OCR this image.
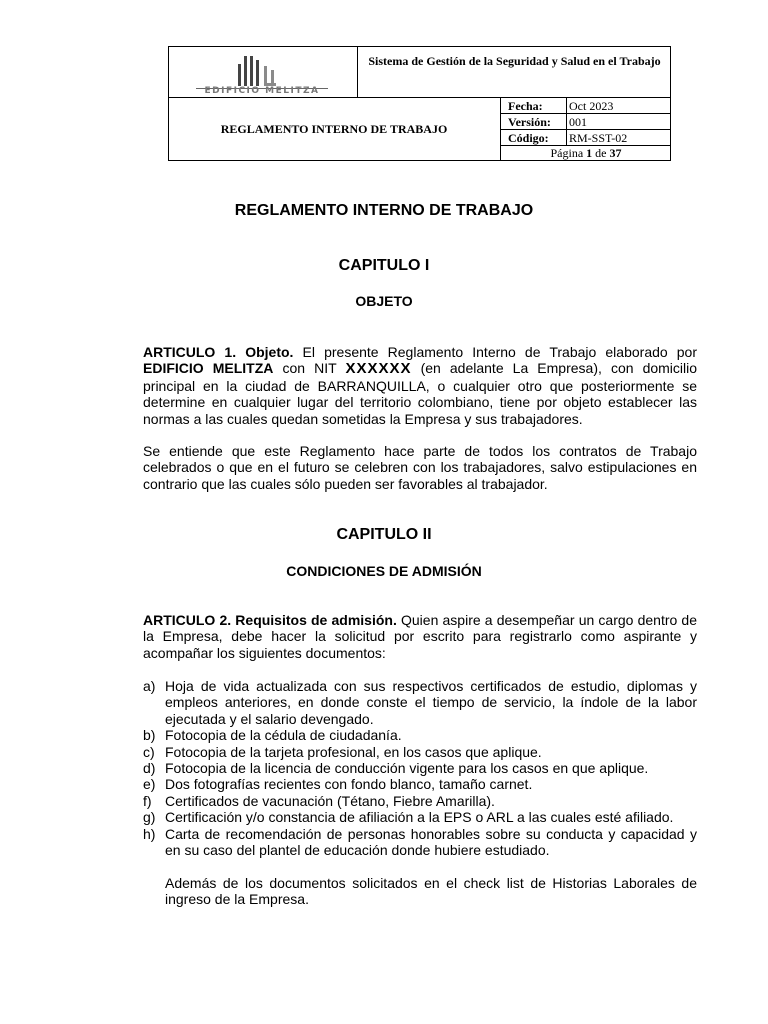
EDIFICIO MELITZA
Sistema de Gestión de la Seguridad y Salud en el Trabajo
REGLAMENTO INTERNO DE TRABAJO
Fecha: Oct 2023
Versión: 001
Código: RM-SST-02
Página 1 de 37
REGLAMENTO INTERNO DE TRABAJO
CAPITULO I
OBJETO
ARTICULO 1. Objeto. El presente Reglamento Interno de Trabajo elaborado por EDIFICIO MELITZA con NIT XXXXXX (en adelante La Empresa), con domicilio principal en la ciudad de BARRANQUILLA, o cualquier otro que posteriormente se determine en cualquier lugar del territorio colombiano, tiene por objeto establecer las normas a las cuales quedan sometidas la Empresa y sus trabajadores.
Se entiende que este Reglamento hace parte de todos los contratos de Trabajo celebrados o que en el futuro se celebren con los trabajadores, salvo estipulaciones en contrario que las cuales sólo pueden ser favorables al trabajador.
CAPITULO II
CONDICIONES DE ADMISIÓN
ARTICULO 2. Requisitos de admisión. Quien aspire a desempeñar un cargo dentro de la Empresa, debe hacer la solicitud por escrito para registrarlo como aspirante y acompañar los siguientes documentos:
a) Hoja de vida actualizada con sus respectivos certificados de estudio, diplomas y empleos anteriores, en donde conste el tiempo de servicio, la índole de la labor ejecutada y el salario devengado.
b) Fotocopia de la cédula de ciudadanía.
c) Fotocopia de la tarjeta profesional, en los casos que aplique.
d) Fotocopia de la licencia de conducción vigente para los casos en que aplique.
e) Dos fotografías recientes con fondo blanco, tamaño carnet.
f) Certificados de vacunación (Tétano, Fiebre Amarilla).
g) Certificación y/o constancia de afiliación a la EPS o ARL a las cuales esté afiliado.
h) Carta de recomendación de personas honorables sobre su conducta y capacidad y en su caso del plantel de educación donde hubiere estudiado.
Además de los documentos solicitados en el check list de Historias Laborales de ingreso de la Empresa.
